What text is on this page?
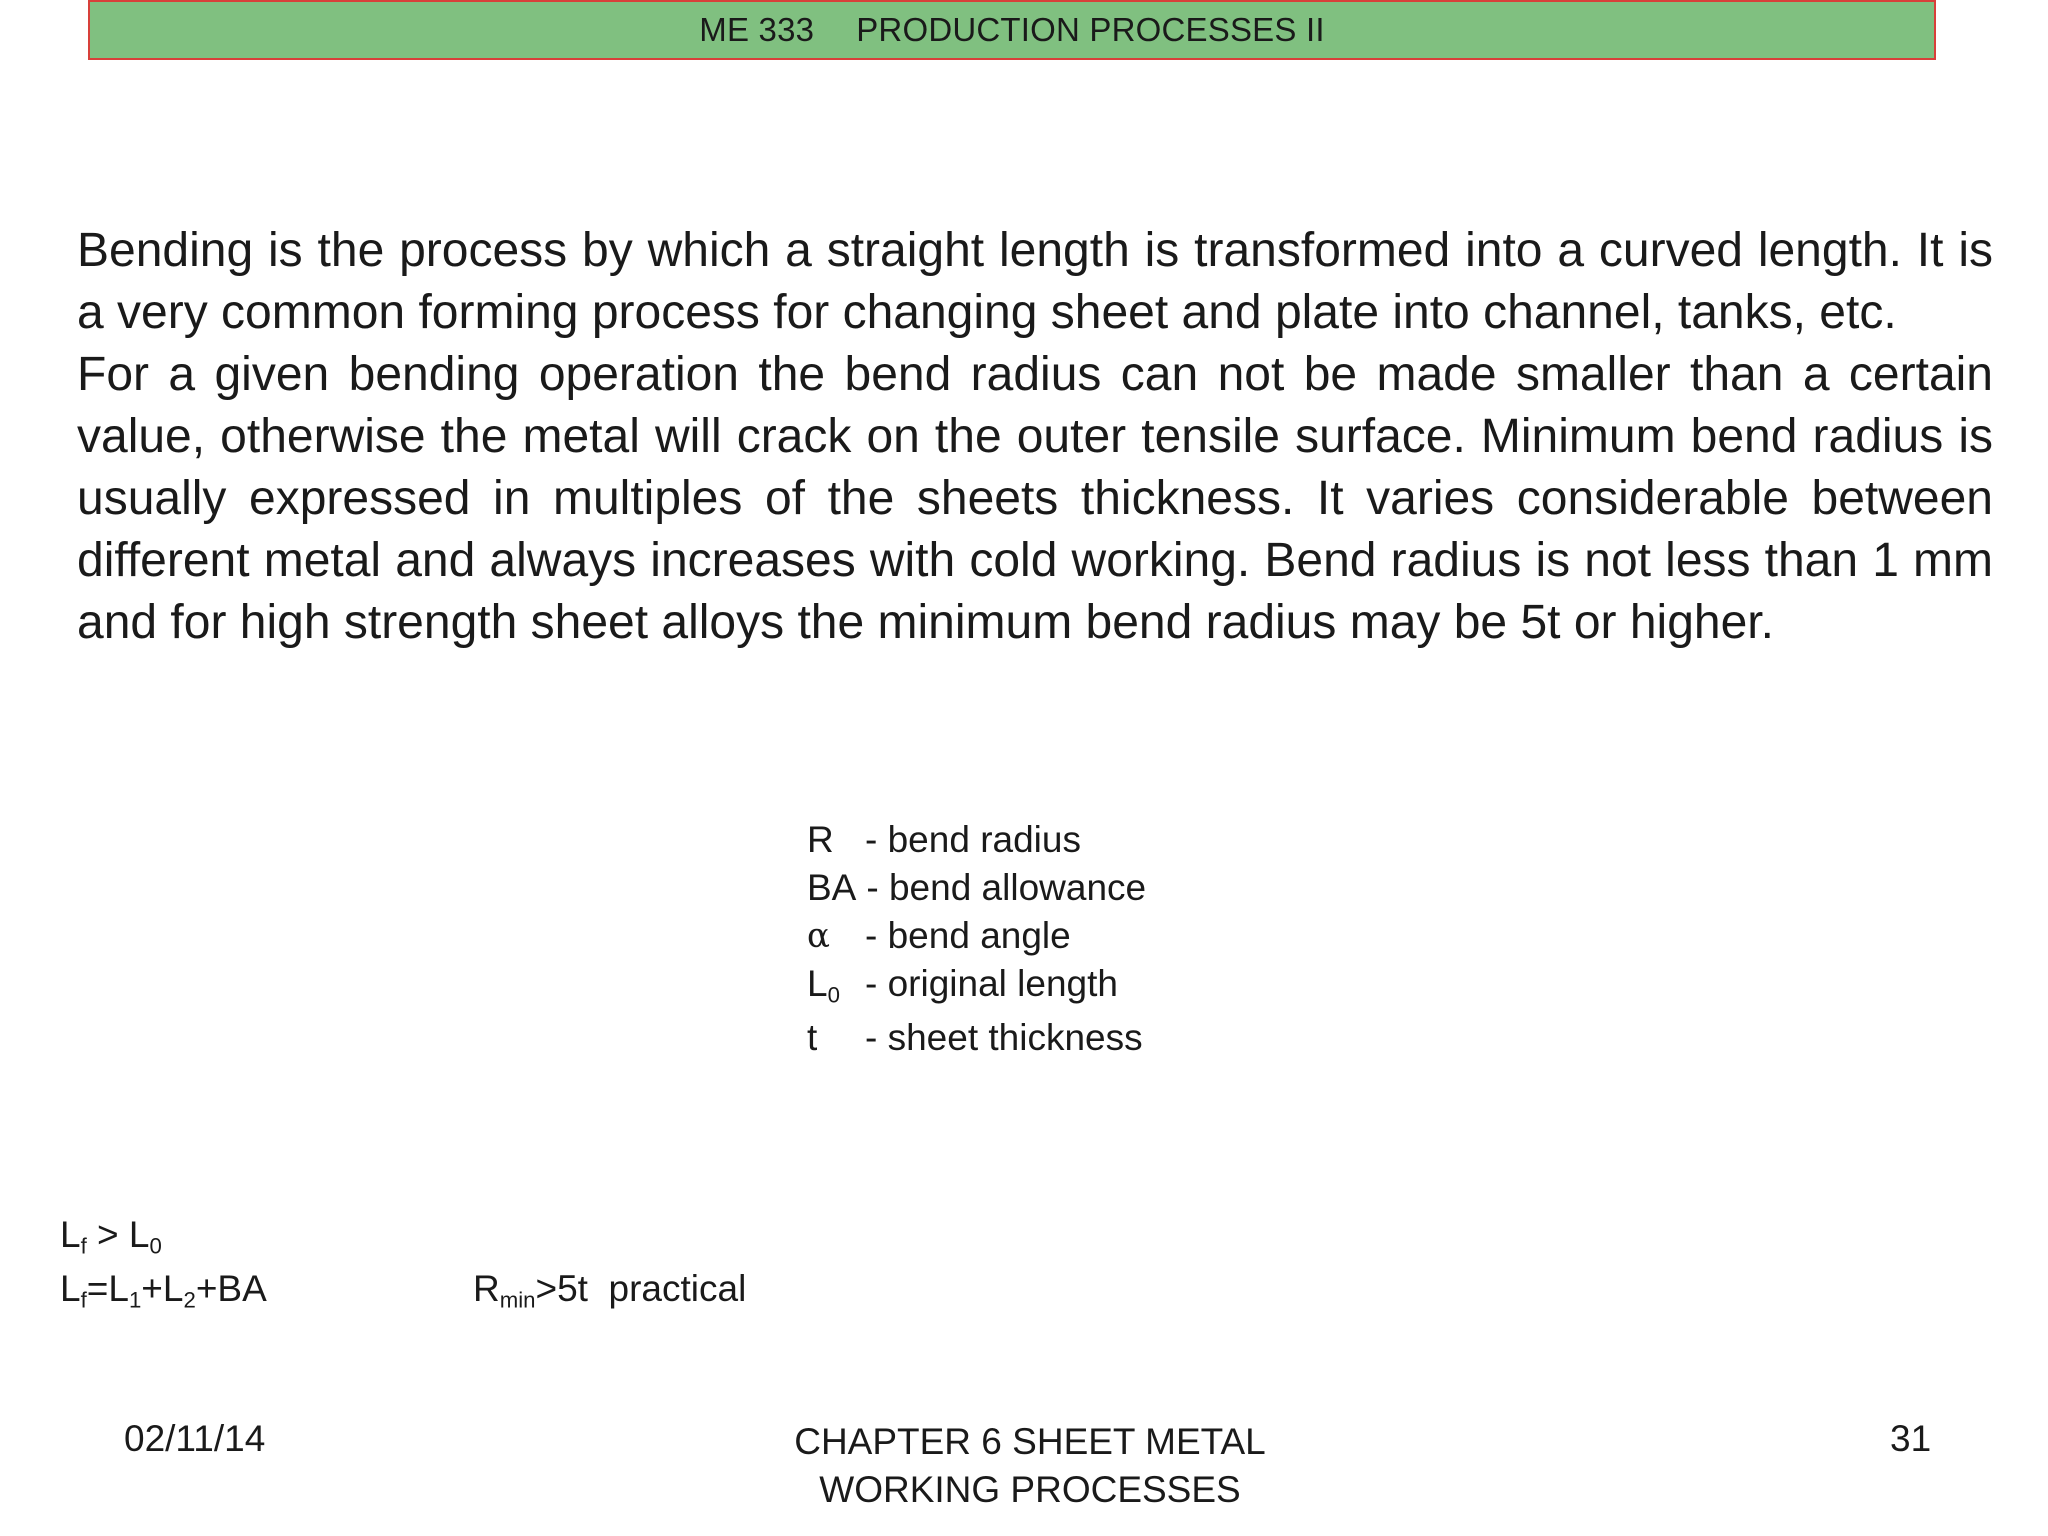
ME 333 PRODUCTION PROCESSES II

Bending is the process by which a straight length is transformed into a curved length. It is a very common forming process for changing sheet and plate into channel, tanks, etc.

For a given bending operation the bend radius can not be made smaller than a certain value, otherwise the metal will crack on the outer tensile surface. Minimum bend radius is usually expressed in multiples of the sheets thickness. It varies considerable between different metal and always increases with cold working. Bend radius is not less than 1 mm and for high strength sheet alloys the minimum bend radius may be 5t or higher.

R - bend radius
BA - bend allowance
α - bend angle
$L_0$ - original length
t	- sheet thickness
$L_f > L_0$
$L_f=L_1+L_2+BA$	$R_{min}>5t$  practical
02/11/14	CHAPTER 6 SHEET METAL
WORKING PROCESSES
31
